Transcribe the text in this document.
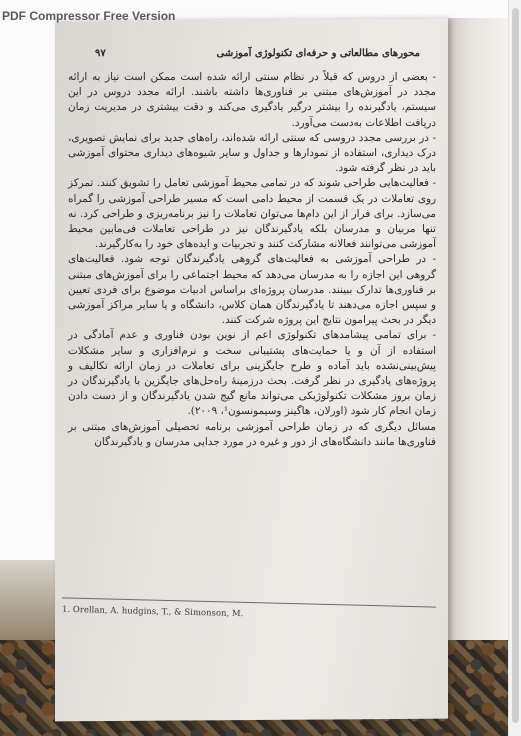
محورهای مطالعاتی و حرفه‌ای تکنولوژی آموزشی
۹۷

- بعضی از دروس که قبلاً در نظام سنتی ارائه شده است ممکن است نیاز به ارائه مجدد در آموزش‌های مبتنی بر فناوری‌ها داشته باشند. ارائه مجدد دروس در این سیستم، یادگیرنده را بیشتر درگیر یادگیری می‌کند و دقت بیشتری در مدیریت زمان دریافت اطلاعات به‌دست می‌آورد.

- در بررسی مجدد دروسی که سنتی ارائه شده‌اند، راه‌های جدید برای نمایش تصویری، درک دیداری، استفاده از نمودارها و جداول و سایر شیوه‌های دیداری محتوای آموزشی باید در نظر گرفته شود.

- فعالیت‌هایی طراحی شوند که در تمامی محیط آموزشی تعامل را تشویق کنند. تمرکز روی تعاملات در یک قسمت از محیط دامی است که مسیر طراحی آموزشی را گمراه می‌سازد. برای فرار از این دام‌ها می‌توان تعاملات را نیز برنامه‌ریزی و طراحی کرد. نه تنها مربیان و مدرسان بلکه یادگیرندگان نیز در طراحی تعاملات فی‌مابین محیط آموزشی می‌توانند فعالانه مشارکت کنند و تجربیات و ایده‌های خود را به‌کارگیرند.

- در طراحی آموزشی به فعالیت‌های گروهی یادگیرندگان توجه شود. فعالیت‌های گروهی این اجازه را به مدرسان می‌دهد که محیط اجتماعی را برای آموزش‌های مبتنی بر فناوری‌ها تدارک ببینند. مدرسان پروژه‌ای براساس ادبیات موضوع برای فردی تعیین و سپس اجازه می‌دهند تا یادگیرندگان همان کلاس، دانشگاه و یا سایر مراکز آموزشی دیگر در بحث پیرامون نتایج این پروژه شرکت کنند.

- برای تمامی پیشامدهای تکنولوژی اعم از نوین بودن فناوری و عدم آمادگی در استفاده از آن و یا حمایت‌های پشتیبانی سخت و نرم‌افزاری و سایر مشکلات پیش‌بینی‌نشده باید آماده و طرح جایگزینی برای تعاملات در زمان ارائه تکالیف و پروژه‌های یادگیری در نظر گرفت. بحث درزمینهٔ راه‌حل‌های جایگزین با یادگیرندگان در زمان بروز مشکلات تکنولوژیکی می‌تواند مانع گیج شدن یادگیرندگان و از دست دادن زمان انجام کار شود (اورلان، هاگینز وسیمونسون¹، ۲۰۰۹).

مسائل دیگری که در زمان طراحی آموزشی برنامه تحصیلی آموزش‌های مبتنی بر فناوری‌ها مانند دانشگاه‌های از دور و غیره در مورد جدایی مدرسان و یادگیرندگان

1. Orellan, A. hudgins, T., & Simonson, M.
PDF Compressor Free Version
